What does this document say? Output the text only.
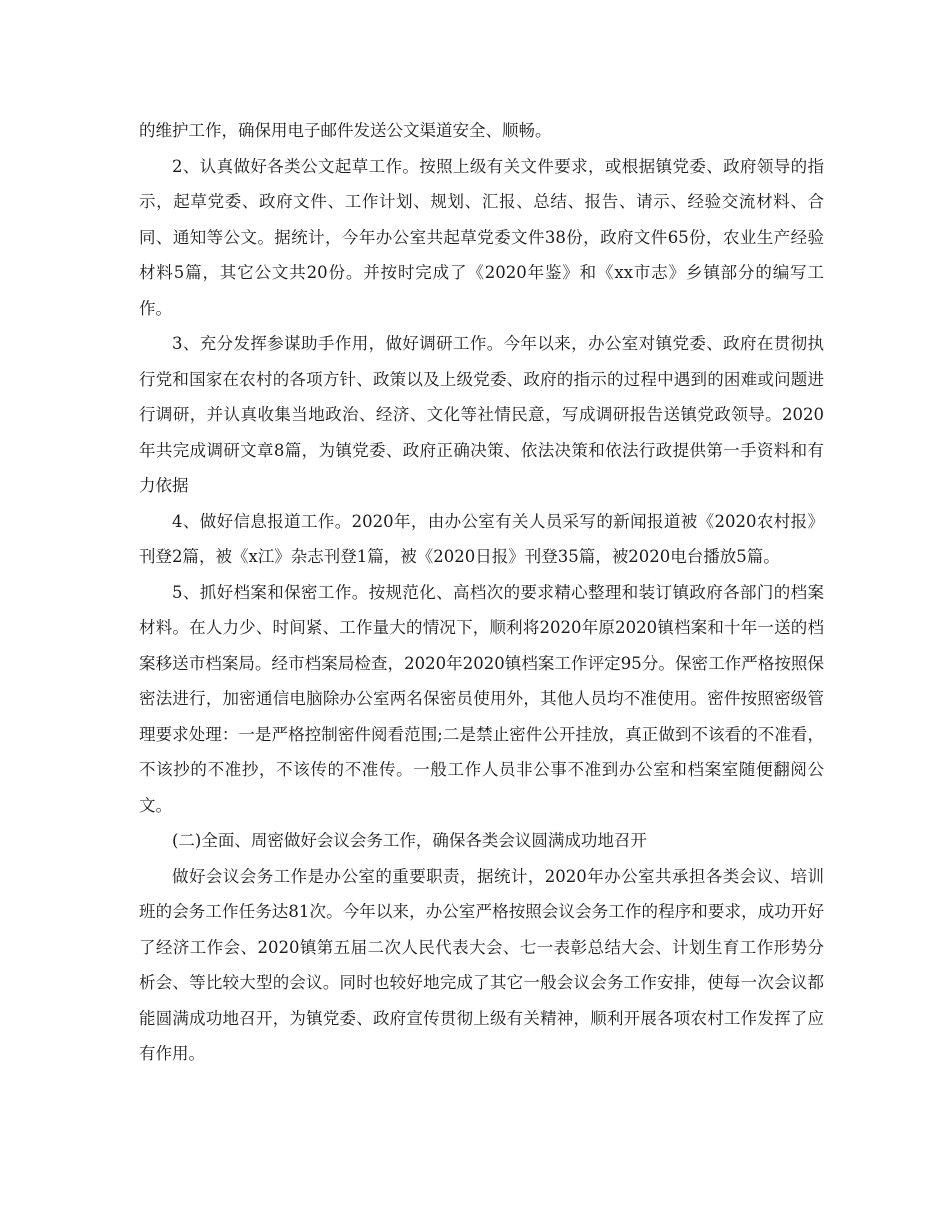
的维护工作，确保用电子邮件发送公文渠道安全、顺畅。

2、认真做好各类公文起草工作。按照上级有关文件要求，或根据镇党委、政府领导的指示，起草党委、政府文件、工作计划、规划、汇报、总结、报告、请示、经验交流材料、合同、通知等公文。据统计，今年办公室共起草党委文件38份，政府文件65份，农业生产经验材料5篇，其它公文共20份。并按时完成了《2020年鉴》和《xx市志》乡镇部分的编写工作。

3、充分发挥参谋助手作用，做好调研工作。今年以来，办公室对镇党委、政府在贯彻执行党和国家在农村的各项方针、政策以及上级党委、政府的指示的过程中遇到的困难或问题进行调研，并认真收集当地政治、经济、文化等社情民意，写成调研报告送镇党政领导。2020年共完成调研文章8篇，为镇党委、政府正确决策、依法决策和依法行政提供第一手资料和有力依据

4、做好信息报道工作。2020年，由办公室有关人员采写的新闻报道被《2020农村报》刊登2篇，被《x江》杂志刊登1篇，被《2020日报》刊登35篇，被2020电台播放5篇。

5、抓好档案和保密工作。按规范化、高档次的要求精心整理和装订镇政府各部门的档案材料。在人力少、时间紧、工作量大的情况下，顺利将2020年原2020镇档案和十年一送的档案移送市档案局。经市档案局检查，2020年2020镇档案工作评定95分。保密工作严格按照保密法进行，加密通信电脑除办公室两名保密员使用外，其他人员均不准使用。密件按照密级管理要求处理：一是严格控制密件阅看范围;二是禁止密件公开挂放，真正做到不该看的不准看，不该抄的不准抄，不该传的不准传。一般工作人员非公事不准到办公室和档案室随便翻阅公文。

(二)全面、周密做好会议会务工作，确保各类会议圆满成功地召开

做好会议会务工作是办公室的重要职责，据统计，2020年办公室共承担各类会议、培训班的会务工作任务达81次。今年以来，办公室严格按照会议会务工作的程序和要求，成功开好了经济工作会、2020镇第五届二次人民代表大会、七一表彰总结大会、计划生育工作形势分析会、等比较大型的会议。同时也较好地完成了其它一般会议会务工作安排，使每一次会议都能圆满成功地召开，为镇党委、政府宣传贯彻上级有关精神，顺利开展各项农村工作发挥了应有作用。
